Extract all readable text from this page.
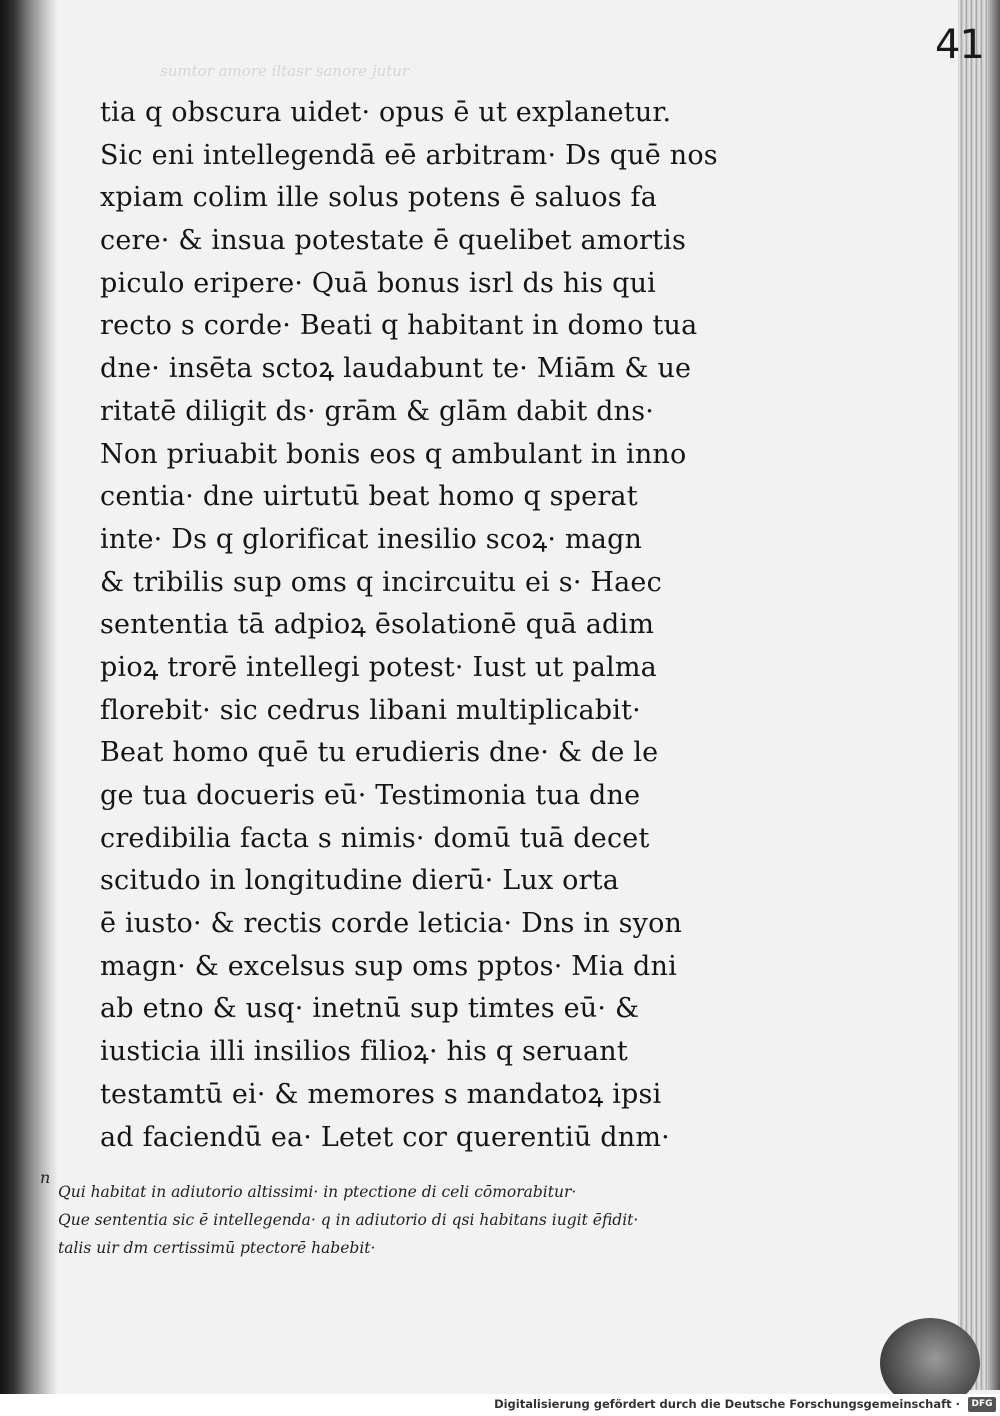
41
sumtor amore iltasr sanore jutur
tia q obscura uidet· opus ē ut explanetur.
Sic eni intellegendā eē arbitram· Ds quē nos
xpiam colim ille solus potens ē saluos fa
cere· & insua potestate ē quelibet amortis
piculo eripere· Quā bonus isrl ds his qui
recto s corde· Beati q habitant in domo tua
dne· insēta sctoꝝ laudabunt te· Miām & ue
ritatē diligit ds· grām & glām dabit dns·
Non priuabit bonis eos q ambulant in inno
centia· dne uirtutū beat homo q sperat
inte· Ds q glorificat inesilio scoꝝ· magn
& tribilis sup oms q incircuitu ei s· Haec
sententia tā adpioꝝ ēsolationē quā adim
pioꝝ trorē intellegi potest· Iust ut palma
florebit· sic cedrus libani multiplicabit·
Beat homo quē tu erudieris dne· & de le
ge tua docueris eū· Testimonia tua dne
credibilia facta s nimis· domū tuā decet
scitudo in longitudine dierū· Lux orta
ē iusto· & rectis corde leticia· Dns in syon
magn· & excelsus sup oms pptos· Mia dni
ab etno & usq· inetnū sup timtes eū· &
iusticia illi insilios filioꝝ· his q seruant
testamtū ei· & memores s mandatoꝝ ipsi
ad faciendū ea· Letet cor querentiū dnm·
n
Qui habitat in adiutorio altissimi· in ptectione di celi cōmorabitur·
Que sententia sic ē intellegenda· q in adiutorio di qsi habitans iugit ēfidit·
talis uir dm certissimū ptectorē habebit·
Digitalisierung gefördert durch die Deutsche Forschungsgemeinschaft ·	DFG
